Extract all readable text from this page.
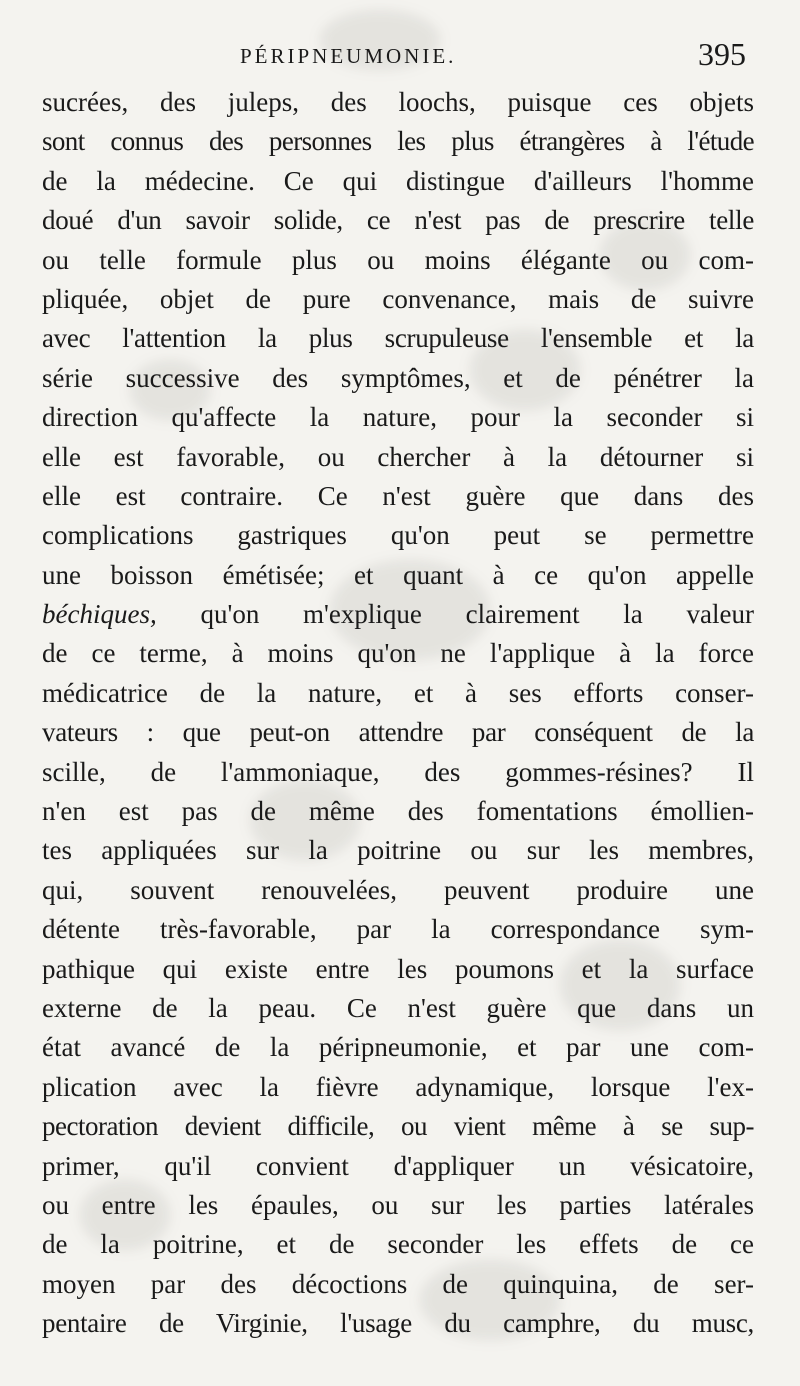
PÉRIPNEUMONIE.	395
sucrées, des juleps, des loochs, puisque ces objets
sont connus des personnes les plus étrangères à l'étude
de la médecine. Ce qui distingue d'ailleurs l'homme
doué d'un savoir solide, ce n'est pas de prescrire telle
ou telle formule plus ou moins élégante ou com-
pliquée, objet de pure convenance, mais de suivre
avec l'attention la plus scrupuleuse l'ensemble et la
série successive des symptômes, et de pénétrer la
direction qu'affecte la nature, pour la seconder si
elle est favorable, ou chercher à la détourner si
elle est contraire. Ce n'est guère que dans des
complications gastriques qu'on peut se permettre
une boisson émétisée; et quant à ce qu'on appelle
béchiques, qu'on m'explique clairement la valeur
de ce terme, à moins qu'on ne l'applique à la force
médicatrice de la nature, et à ses efforts conser-
vateurs : que peut-on attendre par conséquent de la
scille, de l'ammoniaque, des gommes-résines? Il
n'en est pas de même des fomentations émollien-
tes appliquées sur la poitrine ou sur les membres,
qui, souvent renouvelées, peuvent produire une
détente très-favorable, par la correspondance sym-
pathique qui existe entre les poumons et la surface
externe de la peau. Ce n'est guère que dans un
état avancé de la péripneumonie, et par une com-
plication avec la fièvre adynamique, lorsque l'ex-
pectoration devient difficile, ou vient même à se sup-
primer, qu'il convient d'appliquer un vésicatoire,
ou entre les épaules, ou sur les parties latérales
de la poitrine, et de seconder les effets de ce
moyen par des décoctions de quinquina, de ser-
pentaire de Virginie, l'usage du camphre, du musc,
